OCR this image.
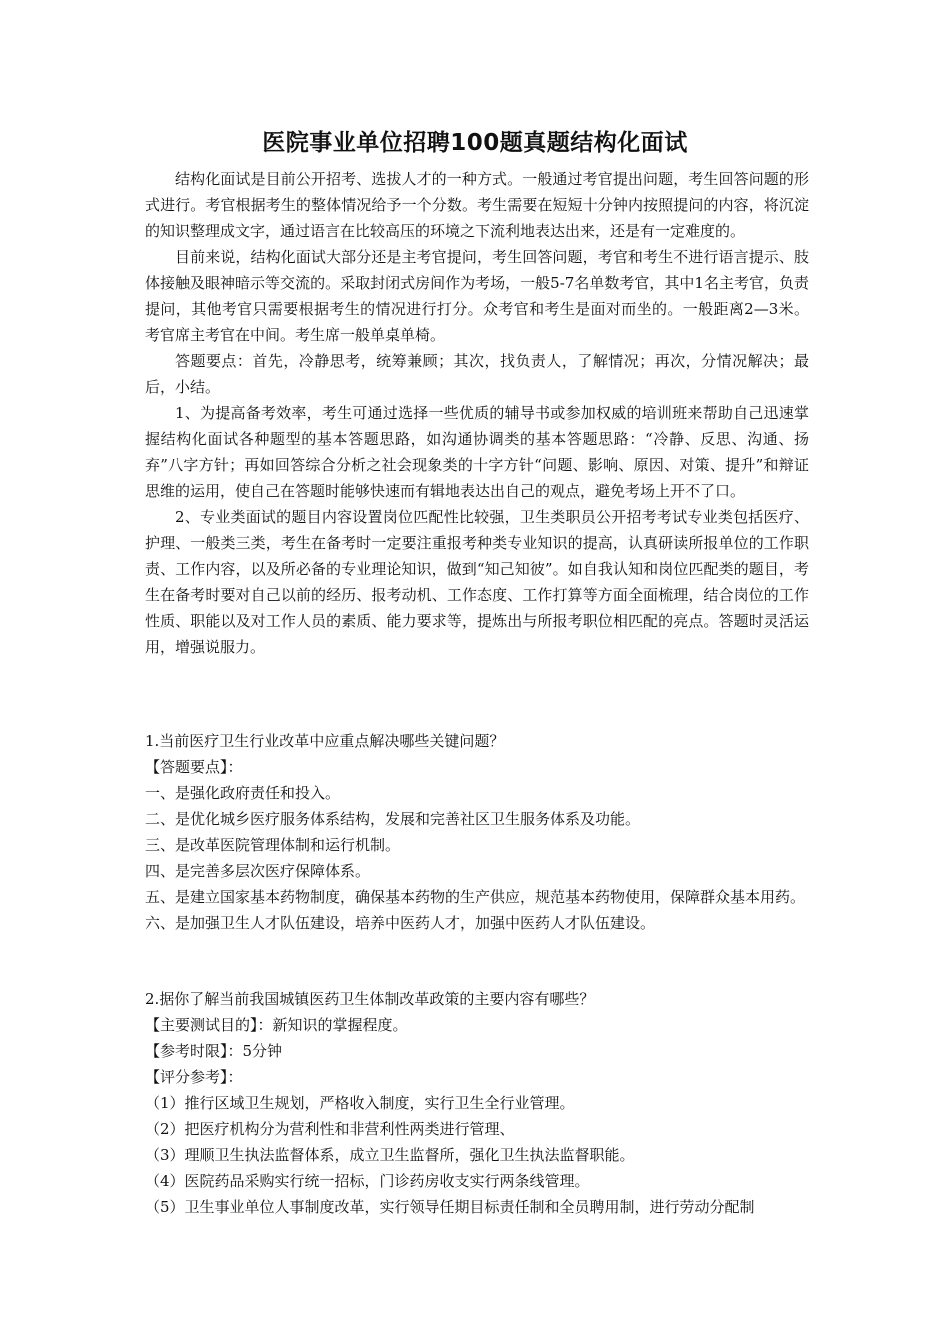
医院事业单位招聘100题真题结构化面试

结构化面试是目前公开招考、选拔人才的一种方式。一般通过考官提出问题，考生回答问题的形式进行。考官根据考生的整体情况给予一个分数。考生需要在短短十分钟内按照提问的内容，将沉淀的知识整理成文字，通过语言在比较高压的环境之下流利地表达出来，还是有一定难度的。

目前来说，结构化面试大部分还是主考官提问，考生回答问题，考官和考生不进行语言提示、肢体接触及眼神暗示等交流的。采取封闭式房间作为考场，一般5-7名单数考官，其中1名主考官，负责提问，其他考官只需要根据考生的情况进行打分。众考官和考生是面对而坐的。一般距离2—3米。考官席主考官在中间。考生席一般单桌单椅。

答题要点：首先，冷静思考，统筹兼顾；其次，找负责人，了解情况；再次，分情况解决；最后，小结。

1、为提高备考效率，考生可通过选择一些优质的辅导书或参加权威的培训班来帮助自己迅速掌握结构化面试各种题型的基本答题思路，如沟通协调类的基本答题思路：“冷静、反思、沟通、扬弃”八字方针；再如回答综合分析之社会现象类的十字方针“问题、影响、原因、对策、提升”和辩证思维的运用，使自己在答题时能够快速而有辑地表达出自己的观点，避免考场上开不了口。

2、专业类面试的题目内容设置岗位匹配性比较强，卫生类职员公开招考考试专业类包括医疗、护理、一般类三类，考生在备考时一定要注重报考种类专业知识的提高，认真研读所报单位的工作职责、工作内容，以及所必备的专业理论知识，做到“知己知彼”。如自我认知和岗位匹配类的题目，考生在备考时要对自己以前的经历、报考动机、工作态度、工作打算等方面全面梳理，结合岗位的工作性质、职能以及对工作人员的素质、能力要求等，提炼出与所报考职位相匹配的亮点。答题时灵活运用，增强说服力。

1.当前医疗卫生行业改革中应重点解决哪些关键问题？

【答题要点】：

一、是强化政府责任和投入。

二、是优化城乡医疗服务体系结构，发展和完善社区卫生服务体系及功能。

三、是改革医院管理体制和运行机制。

四、是完善多层次医疗保障体系。

五、是建立国家基本药物制度，确保基本药物的生产供应，规范基本药物使用，保障群众基本用药。

六、是加强卫生人才队伍建设，培养中医药人才，加强中医药人才队伍建设。

2.据你了解当前我国城镇医药卫生体制改革政策的主要内容有哪些？

【主要测试目的】：新知识的掌握程度。

【参考时限】：5分钟

【评分参考】：

（1）推行区域卫生规划，严格收入制度，实行卫生全行业管理。

（2）把医疗机构分为营利性和非营利性两类进行管理、

（3）理顺卫生执法监督体系，成立卫生监督所，强化卫生执法监督职能。

（4）医院药品采购实行统一招标，门诊药房收支实行两条线管理。

（5）卫生事业单位人事制度改革，实行领导任期目标责任制和全员聘用制，进行劳动分配制
